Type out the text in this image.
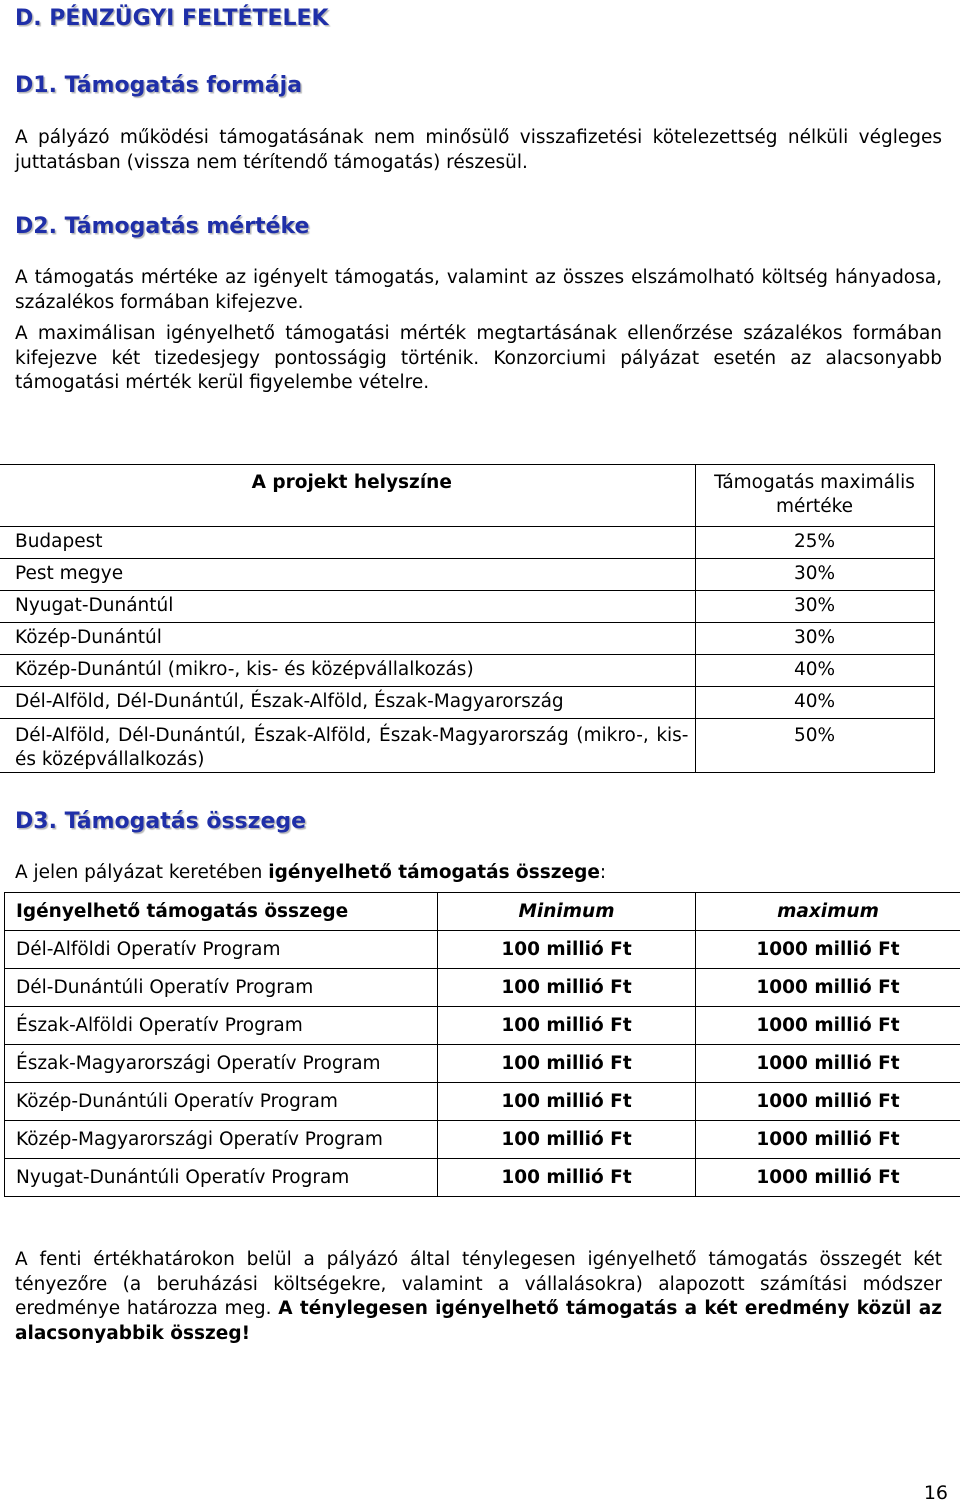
D. PÉNZÜGYI FELTÉTELEK
D1. Támogatás formája

A pályázó működési támogatásának nem minősülő visszafizetési kötelezettség nélküli végleges juttatásban (vissza nem térítendő támogatás) részesül.

D2. Támogatás mértéke

A támogatás mértéke az igényelt támogatás, valamint az összes elszámolható költség hányadosa, százalékos formában kifejezve.

A maximálisan igényelhető támogatási mérték megtartásának ellenőrzése százalékos formában kifejezve két tizedesjegy pontosságig történik. Konzorciumi pályázat esetén az alacsonyabb támogatási mérték kerül figyelembe vételre.

A projekt helyszíne	Támogatás maximális mértéke
Budapest	25%
Pest megye	30%
Nyugat-Dunántúl	30%
Közép-Dunántúl	30%
Közép-Dunántúl (mikro-, kis- és középvállalkozás)	40%
Dél-Alföld, Dél-Dunántúl, Észak-Alföld, Észak-Magyarország	40%
Dél-Alföld, Dél-Dunántúl, Észak-Alföld, Észak-Magyarország (mikro-, kis- és középvállalkozás)	50%
D3. Támogatás összege

A jelen pályázat keretében igényelhető támogatás összege:

Igényelhető támogatás összege	Minimum	maximum
Dél-Alföldi Operatív Program	100 millió Ft	1000 millió Ft
Dél-Dunántúli Operatív Program	100 millió Ft	1000 millió Ft
Észak-Alföldi Operatív Program	100 millió Ft	1000 millió Ft
Észak-Magyarországi Operatív Program	100 millió Ft	1000 millió Ft
Közép-Dunántúli Operatív Program	100 millió Ft	1000 millió Ft
Közép-Magyarországi Operatív Program	100 millió Ft	1000 millió Ft
Nyugat-Dunántúli Operatív Program	100 millió Ft	1000 millió Ft

A fenti értékhatárokon belül a pályázó által ténylegesen igényelhető támogatás összegét két tényezőre (a beruházási költségekre, valamint a vállalásokra) alapozott számítási módszer eredménye határozza meg. A ténylegesen igényelhető támogatás a két eredmény közül az alacsonyabbik összeg!

16
